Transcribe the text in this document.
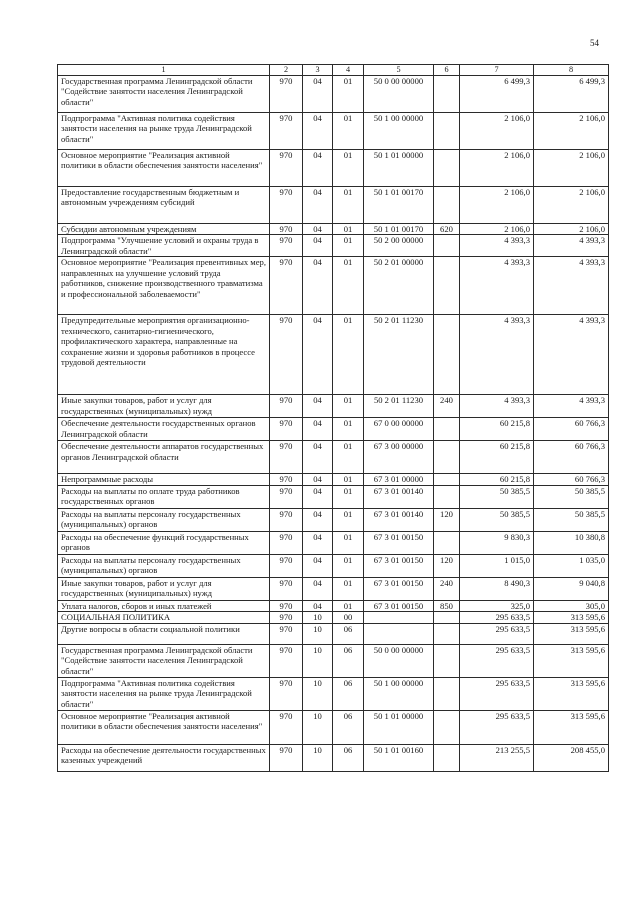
54
1	2	3	4	5	6	7	8
Государственная программа Ленинградской области "Содействие занятости населения Ленинградской области"	970	04	01	50 0 00 00000		6 499,3	6 499,3
Подпрограмма "Активная политика содействия занятости населения на рынке труда Ленинградской области"	970	04	01	50 1 00 00000		2 106,0	2 106,0
Основное мероприятие "Реализация активной политики в области обеспечения занятости населения"	970	04	01	50 1 01 00000		2 106,0	2 106,0
Предоставление государственным бюджетным и автономным учреждениям субсидий	970	04	01	50 1 01 00170		2 106,0	2 106,0
Субсидии автономным учреждениям	970	04	01	50 1 01 00170	620	2 106,0	2 106,0
Подпрограмма "Улучшение условий и охраны труда в Ленинградской области"	970	04	01	50 2 00 00000		4 393,3	4 393,3
Основное мероприятие "Реализация превентивных мер, направленных на улучшение условий труда работников, снижение производственного травматизма и профессиональной заболеваемости"	970	04	01	50 2 01 00000		4 393,3	4 393,3
Предупредительные мероприятия организационно-технического, санитарно-гигиенического, профилактического характера, направленные на сохранение жизни и здоровья работников в процессе трудовой деятельности	970	04	01	50 2 01 11230		4 393,3	4 393,3
Иные закупки товаров, работ и услуг для государственных (муниципальных) нужд	970	04	01	50 2 01 11230	240	4 393,3	4 393,3
Обеспечение деятельности государственных органов Ленинградской области	970	04	01	67 0 00 00000		60 215,8	60 766,3
Обеспечение деятельности аппаратов государственных органов Ленинградской области	970	04	01	67 3 00 00000		60 215,8	60 766,3
Непрограммные расходы	970	04	01	67 3 01 00000		60 215,8	60 766,3
Расходы на выплаты по оплате труда работников государственных органов	970	04	01	67 3 01 00140		50 385,5	50 385,5
Расходы на выплаты персоналу государственных (муниципальных) органов	970	04	01	67 3 01 00140	120	50 385,5	50 385,5
Расходы на обеспечение функций государственных органов	970	04	01	67 3 01 00150		9 830,3	10 380,8
Расходы на выплаты персоналу государственных (муниципальных) органов	970	04	01	67 3 01 00150	120	1 015,0	1 035,0
Иные закупки товаров, работ и услуг для государственных (муниципальных) нужд	970	04	01	67 3 01 00150	240	8 490,3	9 040,8
Уплата налогов, сборов и иных платежей	970	04	01	67 3 01 00150	850	325,0	305,0
СОЦИАЛЬНАЯ ПОЛИТИКА	970	10	00			295 633,5	313 595,6
Другие вопросы в области социальной политики	970	10	06			295 633,5	313 595,6
Государственная программа Ленинградской области "Содействие занятости населения Ленинградской области"	970	10	06	50 0 00 00000		295 633,5	313 595,6
Подпрограмма "Активная политика содействия занятости населения на рынке труда Ленинградской области"	970	10	06	50 1 00 00000		295 633,5	313 595,6
Основное мероприятие "Реализация активной политики в области обеспечения занятости населения"	970	10	06	50 1 01 00000		295 633,5	313 595,6
Расходы на обеспечение деятельности государственных казенных учреждений	970	10	06	50 1 01 00160		213 255,5	208 455,0
